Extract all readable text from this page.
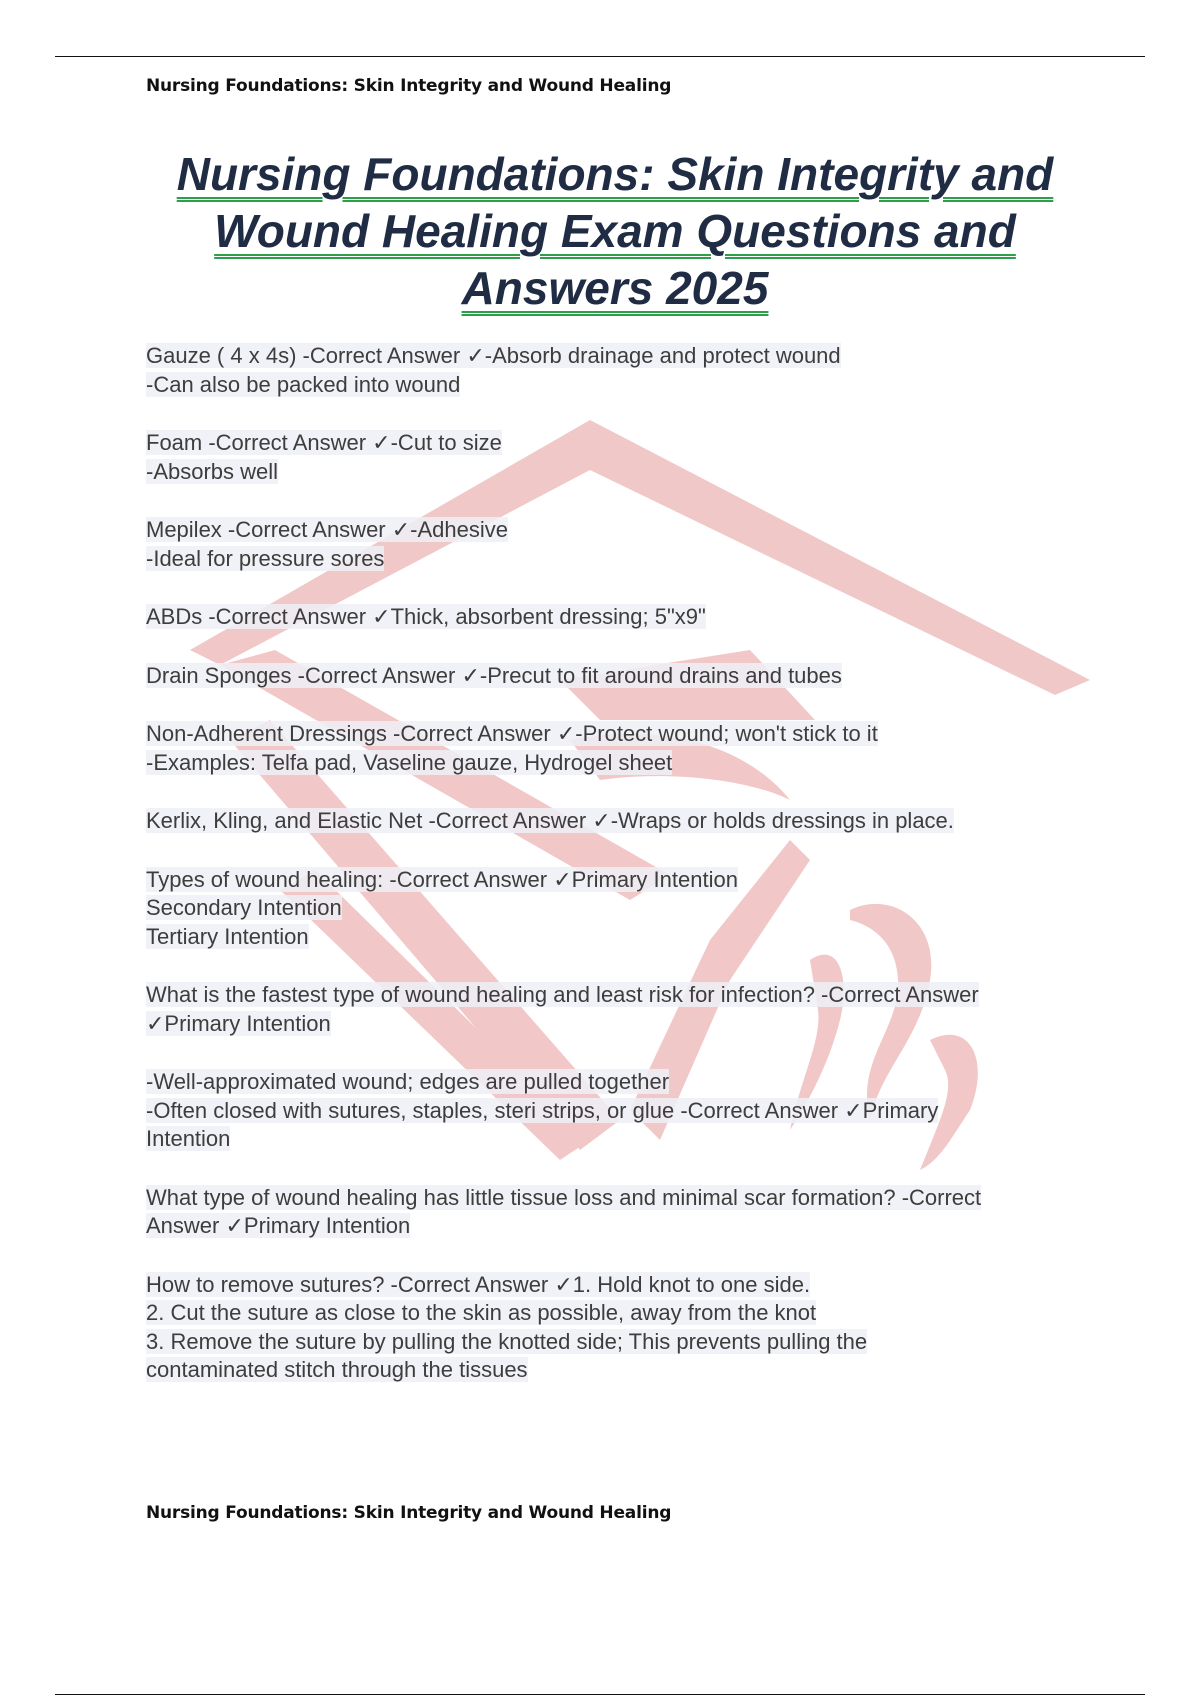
Nursing Foundations: Skin Integrity and Wound Healing
Nursing Foundations: Skin Integrity and
Wound Healing Exam Questions and
Answers 2025
Gauze ( 4 x 4s) -Correct Answer ✓-Absorb drainage and protect wound
-Can also be packed into wound
Foam -Correct Answer ✓-Cut to size
-Absorbs well
Mepilex -Correct Answer ✓-Adhesive
-Ideal for pressure sores
ABDs -Correct Answer ✓Thick, absorbent dressing; 5"x9"
Drain Sponges -Correct Answer ✓-Precut to fit around drains and tubes
Non-Adherent Dressings -Correct Answer ✓-Protect wound; won't stick to it
-Examples: Telfa pad, Vaseline gauze, Hydrogel sheet
Kerlix, Kling, and Elastic Net -Correct Answer ✓-Wraps or holds dressings in place.
Types of wound healing: -Correct Answer ✓Primary Intention
Secondary Intention
Tertiary Intention
What is the fastest type of wound healing and least risk for infection? -Correct Answer
✓Primary Intention
-Well-approximated wound; edges are pulled together
-Often closed with sutures, staples, steri strips, or glue -Correct Answer ✓Primary
Intention
What type of wound healing has little tissue loss and minimal scar formation? -Correct
Answer ✓Primary Intention
How to remove sutures? -Correct Answer ✓1. Hold knot to one side.
2. Cut the suture as close to the skin as possible, away from the knot
3. Remove the suture by pulling the knotted side; This prevents pulling the
contaminated stitch through the tissues
Nursing Foundations: Skin Integrity and Wound Healing
